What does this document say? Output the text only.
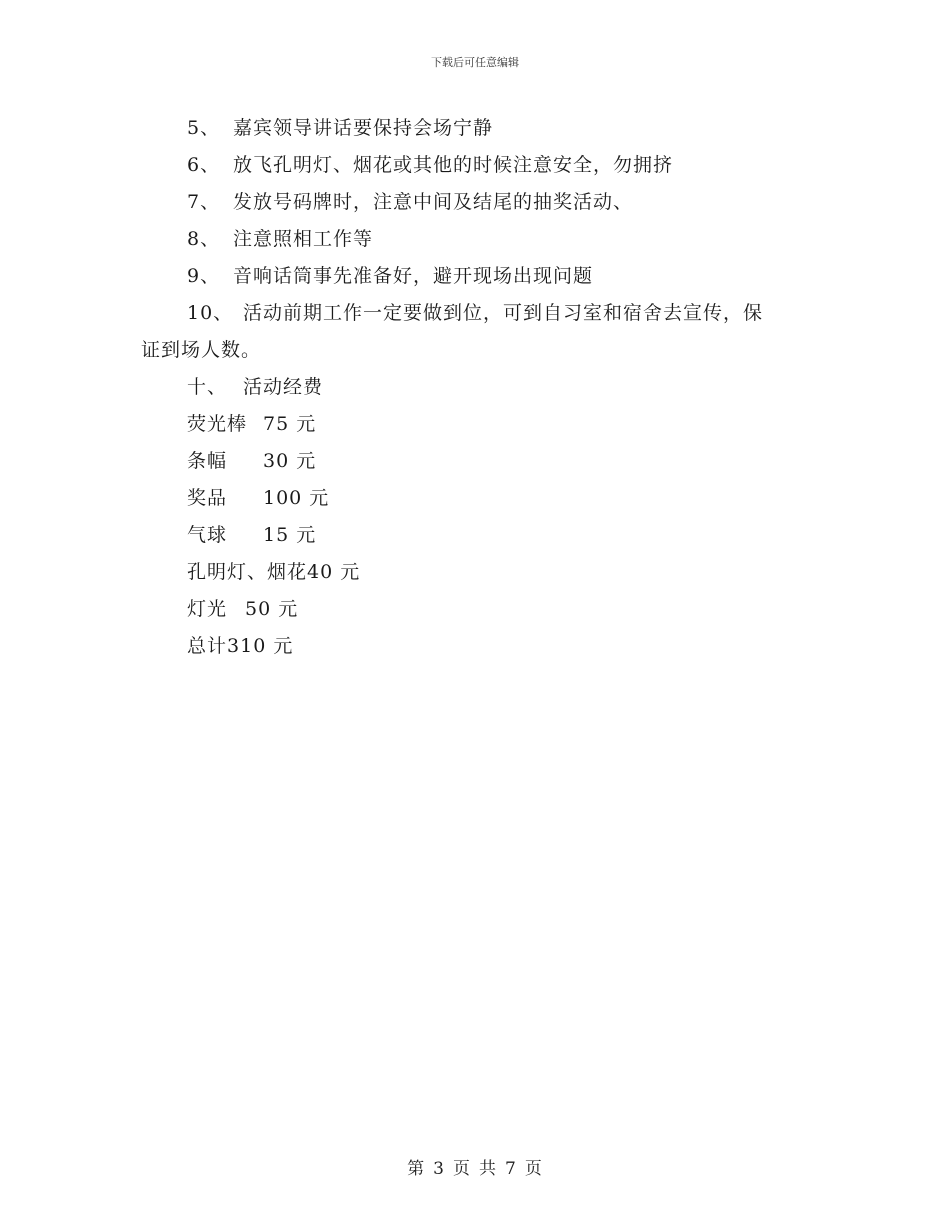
下载后可任意编辑
5、 嘉宾领导讲话要保持会场宁静
6、 放飞孔明灯、烟花或其他的时候注意安全，勿拥挤
7、 发放号码牌时，注意中间及结尾的抽奖活动、
8、 注意照相工作等
9、 音响话筒事先准备好，避开现场出现问题
10、 活动前期工作一定要做到位，可到自习室和宿舍去宣传，保
证到场人数。
十、 活动经费
荧光棒 75 元
条幅 30 元
奖品 100 元
气球 15 元
孔明灯、烟花40 元
灯光 50 元
总计310 元
第 3 页 共 7 页
